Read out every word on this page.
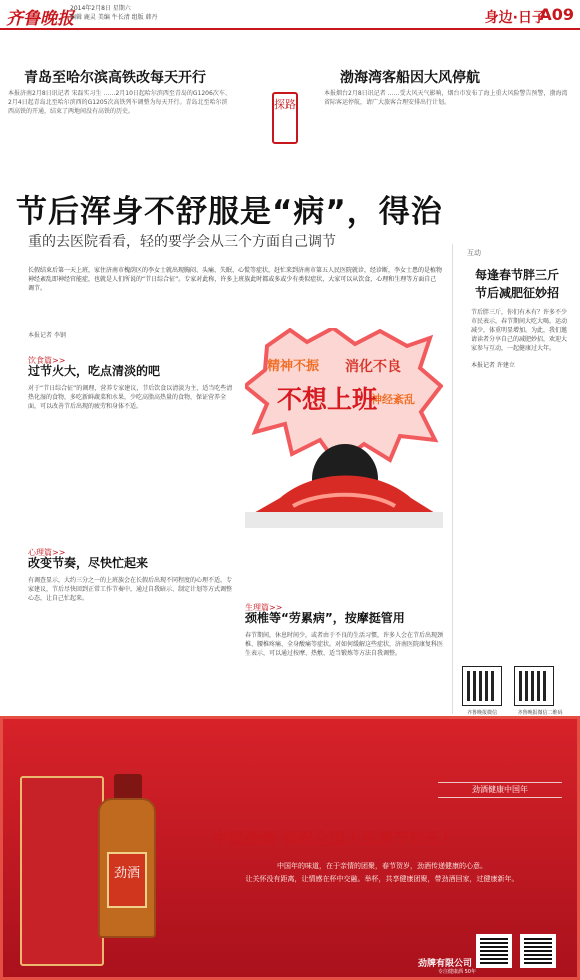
齐鲁晚报
2014年2月8日 星期六
编辑 鹿灵 美编 牛长清 组版 韩丹	身边·日子
A09
青岛至哈尔滨高铁改每天开行

本报济南2月8日讯记者 宋磊实习生 ……2月10日起哈尔滨西至青岛的G1206次车、2月4日起青岛北至哈尔滨西的G1205次高铁列车调整为每天开行。青岛北至哈尔滨西高铁的开通，结束了两地间没有高铁的历史。

探路
渤海湾客船因大风停航

本报烟台2月8日讯记者 ……受大风天气影响，烟台市发布了海上重大风险警告预警，渤海湾省际客运停航，请广大旅客合理安排出行计划。

节后浑身不舒服是“病”，得治
重的去医院看看，轻的要学会从三个方面自己调节
长假结束后第一天上班，家住济南市槐荫区的李女士就出现胸闷、头痛、失眠、心慌等症状，赶忙来到济南市第五人民医院就诊，经诊断，李女士患的是植物神经紊乱即神经官能症，也就是人们所说的“节日综合征”。专家对此称，许多上班族此时都或多或少有类似症状，大家可以从饮食、心理和生理等方面自己调节。
本报记者 李钢
饮食篇>>
过节火大，吃点清淡的吧
对于“节日综合征”的调理，营养专家建议，节后饮食以清淡为主，适当吃些清热化湿的食物，多吃新鲜蔬菜和水果，少吃高脂高热量的食物，保证营养全面，可以改善节后出现的疲劳和身体不适。
心理篇>>
改变节奏，尽快忙起来
有调查显示，大约三分之一的上班族会在长假后出现不同程度的心理不适。专家建议，节后尽快回到正常工作节奏中，通过自我暗示、制定计划等方式调整心态，让自己忙起来。
精神不振 消化不良
神经紊乱
不想上班
生理篇>>
颈椎等“劳累病”，按摩挺管用
春节期间，休息时间少，或者由于不良的生活习惯，许多人会在节后出现颈椎、腰椎疼痛、全身酸痛等症状。对如何缓解这些症状，济南医院康复科医生表示，可以通过按摩、热敷、适当锻炼等方法自我调整。
互动
每逢春节胖三斤 节后减肥征妙招

节后胖三斤，你们有木有？许多不少市民表示，春节期间大吃大喝，运动减少，体重明显增加。为此，我们邀请读者分享自己的减肥妙招，欢迎大家参与互动，一起健康过大年。

本报记者 许建立

齐鲁晚报微信	齐鲁晚报微信二维码
劲酒
劲酒健康中国年
中国劲酒 恭祝全国人民春节快乐！
中国年的味道，在于亲情的团聚，春节贺岁，劲酒传递健康的心意。
让关怀没有距离，让情感在杯中交融。举杯，共享健康团聚，带劲酒回家，过健康新年。
劲牌有限公司
专注健康酒 50年
